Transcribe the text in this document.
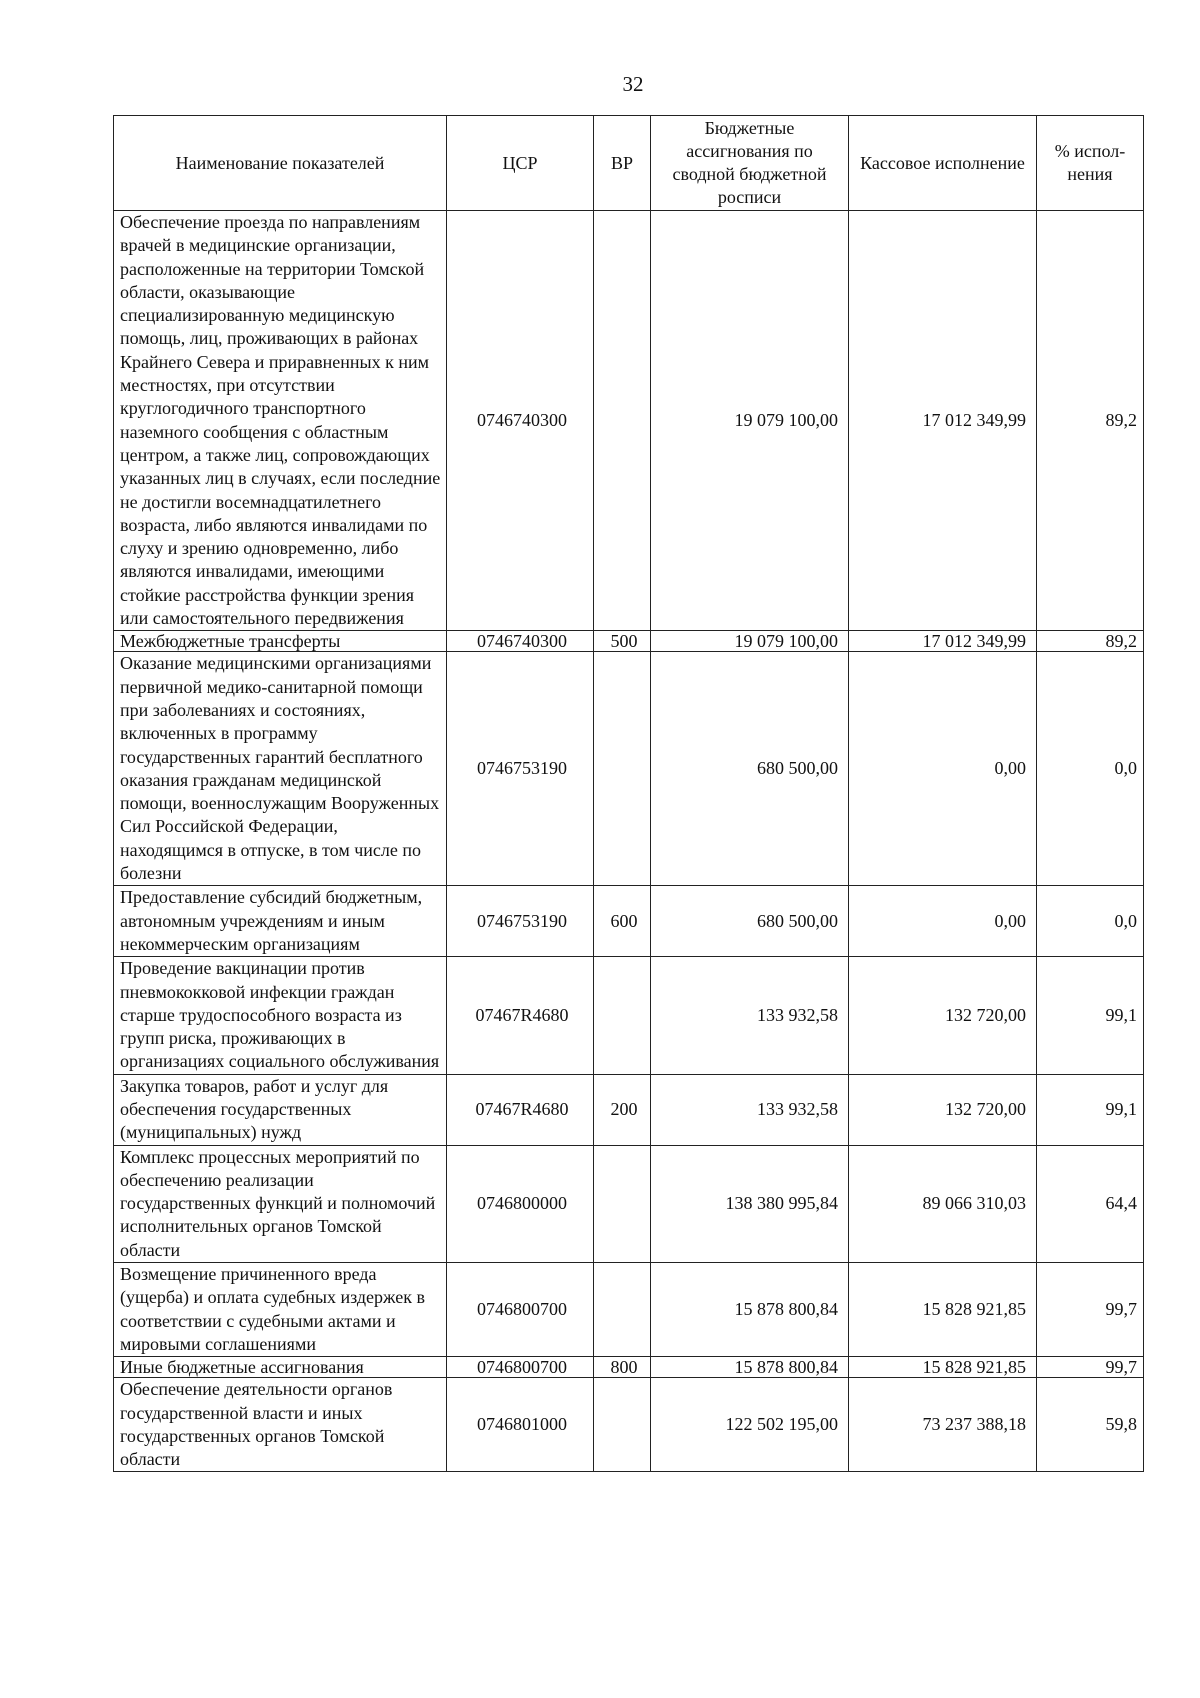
32
Наименование показателей	ЦСР	ВР	Бюджетные ассигнования по сводной бюджетной росписи	Кассовое исполнение	% испол-нения
Обеспечение проезда по направлениям врачей в медицинские организации, расположенные на территории Томской области, оказывающие специализированную медицинскую помощь, лиц, проживающих в районах Крайнего Севера и приравненных к ним местностях, при отсутствии круглогодичного транспортного наземного сообщения с областным центром, а также лиц, сопровождающих указанных лиц в случаях, если последние не достигли восемнадцатилетнего возраста, либо являются инвалидами по слуху и зрению одновременно, либо являются инвалидами, имеющими стойкие расстройства функции зрения или самостоятельного передвижения	0746740300		19 079 100,00	17 012 349,99	89,2
Межбюджетные трансферты	0746740300	500	19 079 100,00	17 012 349,99	89,2
Оказание медицинскими организациями первичной медико-санитарной помощи при заболеваниях и состояниях, включенных в программу государственных гарантий бесплатного оказания гражданам медицинской помощи, военнослужащим Вооруженных Сил Российской Федерации, находящимся в отпуске, в том числе по болезни	0746753190		680 500,00	0,00	0,0
Предоставление субсидий бюджетным, автономным учреждениям и иным некоммерческим организациям	0746753190	600	680 500,00	0,00	0,0
Проведение вакцинации против пневмококковой инфекции граждан старше трудоспособного возраста из групп риска, проживающих в организациях социального обслуживания	07467R4680		133 932,58	132 720,00	99,1
Закупка товаров, работ и услуг для обеспечения государственных (муниципальных) нужд	07467R4680	200	133 932,58	132 720,00	99,1
Комплекс процессных мероприятий по обеспечению реализации государственных функций и полномочий исполнительных органов Томской области	0746800000		138 380 995,84	89 066 310,03	64,4
Возмещение причиненного вреда (ущерба) и оплата судебных издержек в соответствии с судебными актами и мировыми соглашениями	0746800700		15 878 800,84	15 828 921,85	99,7
Иные бюджетные ассигнования	0746800700	800	15 878 800,84	15 828 921,85	99,7
Обеспечение деятельности органов государственной власти и иных государственных органов Томской области	0746801000		122 502 195,00	73 237 388,18	59,8
